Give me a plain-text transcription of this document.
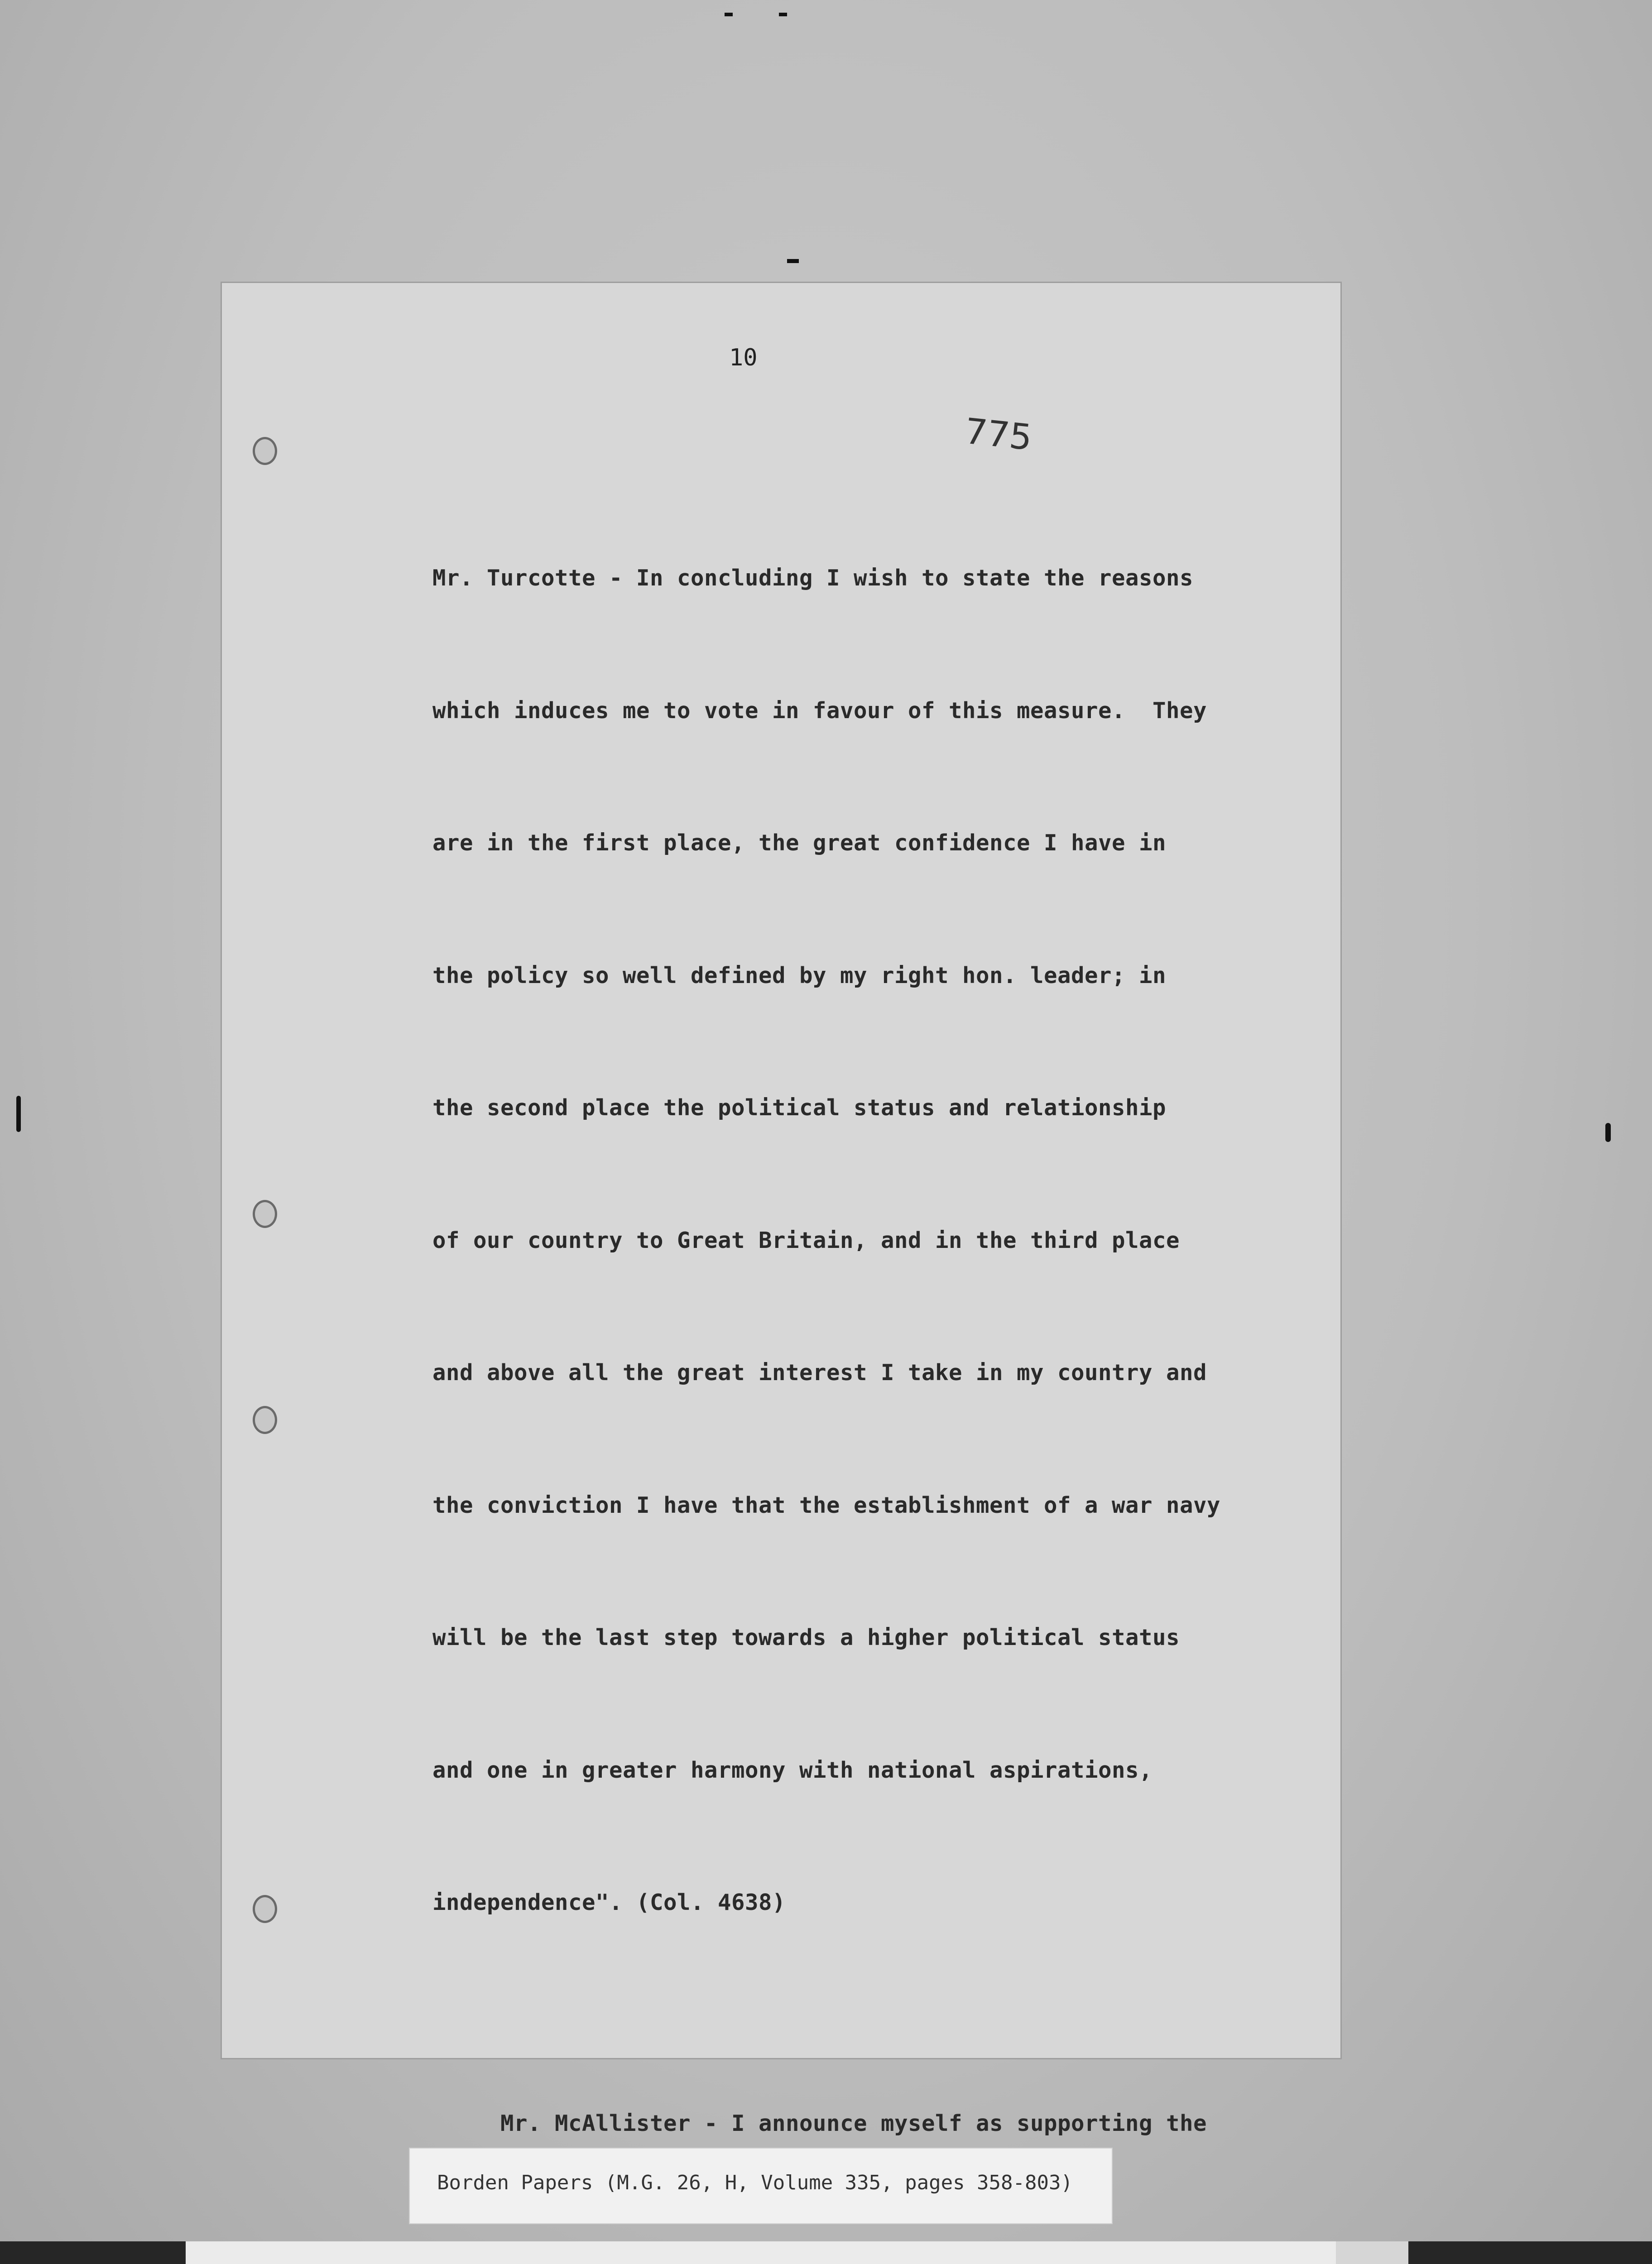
10
775

Mr. Turcotte - In concluding I wish to state the reasons

which induces me to vote in favour of this measure.  They

are in the first place, the great confidence I have in

the policy so well defined by my right hon. leader; in

the second place the political status and relationship

of our country to Great Britain, and in the third place

and above all the great interest I take in my country and

the conviction I have that the establishment of a war navy

will be the last step towards a higher political status

and one in greater harmony with national aspirations,

independence". (Col. 4638)

Mr. McAllister - I announce myself as supporting the

Borden Papers (M.G. 26, H, Volume 335, pages 358-803)
